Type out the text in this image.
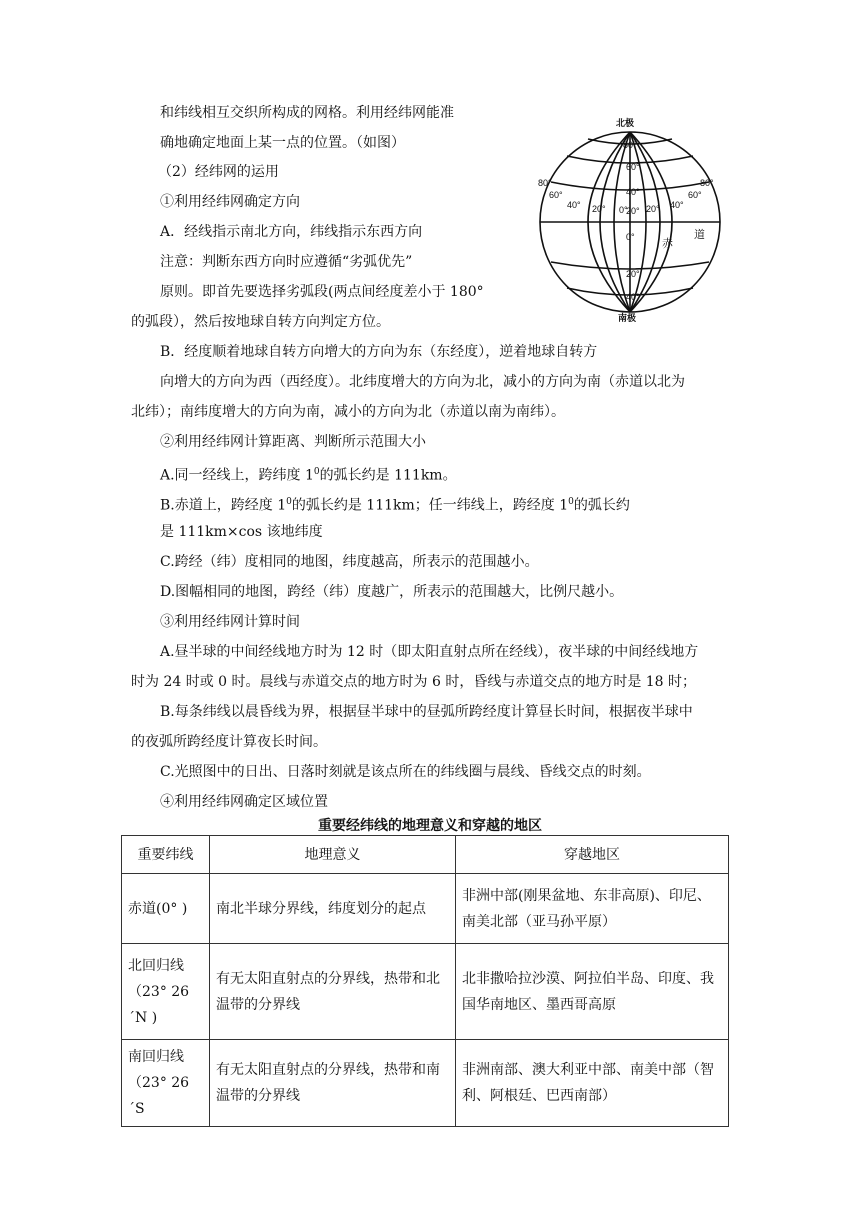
和纬线相互交织所构成的网格。利用经纬网能准
确地确定地面上某一点的位置。（如图）
（2）经纬网的运用
①利用经纬网确定方向
A．经线指示南北方向，纬线指示东西方向
注意：判断东西方向时应遵循“劣弧优先”
原则。即首先要选择劣弧段(两点间经度差小于 180°
的弧段），然后按地球自转方向判定方位。
B．经度顺着地球自转方向增大的方向为东（东经度），逆着地球自转方
向增大的方向为西（西经度）。北纬度增大的方向为北，减小的方向为南（赤道以北为
北纬）；南纬度增大的方向为南，减小的方向为北（赤道以南为南纬）。
②利用经纬网计算距离、判断所示范围大小
A.同一经线上，跨纬度 $1^0$的弧长约是 111km。
B.赤道上，跨经度 $1^0$的弧长约是 111km；任一纬线上，跨经度 $1^0$的弧长约
是 111km×cos 该地纬度
C.跨经（纬）度相同的地图，纬度越高，所表示的范围越小。
D.图幅相同的地图，跨经（纬）度越广，所表示的范围越大，比例尺越小。
③利用经纬网计算时间
A.昼半球的中间经线地方时为 12 时（即太阳直射点所在经线），夜半球的中间经线地方
时为 24 时或 0 时。晨线与赤道交点的地方时为 6 时，昏线与赤道交点的地方时是 18 时；
B.每条纬线以晨昏线为界，根据昼半球中的昼弧所跨经度计算昼长时间，根据夜半球中
的夜弧所跨经度计算夜长时间。
C.光照图中的日出、日落时刻就是该点所在的纬线圈与晨线、昏线交点的时刻。
④利用经纬网确定区域位置
北极
南极
80°
60°
40°
20°
20°
40°
0°
80°
60°
40° 20° 0° 20° 40°
60°
80°
赤
道
重要经纬线的地理意义和穿越的地区
重要纬线	地理意义	穿越地区
赤道(0° )	南北半球分界线，纬度划分的起点	非洲中部(刚果盆地、东非高原)、印尼、南美北部（亚马孙平原）
北回归线（23° 26´N )	有无太阳直射点的分界线，热带和北温带的分界线	北非撒哈拉沙漠、阿拉伯半岛、印度、我国华南地区、墨西哥高原
南回归线（23° 26´S	有无太阳直射点的分界线，热带和南温带的分界线	非洲南部、澳大利亚中部、南美中部（智利、阿根廷、巴西南部）
